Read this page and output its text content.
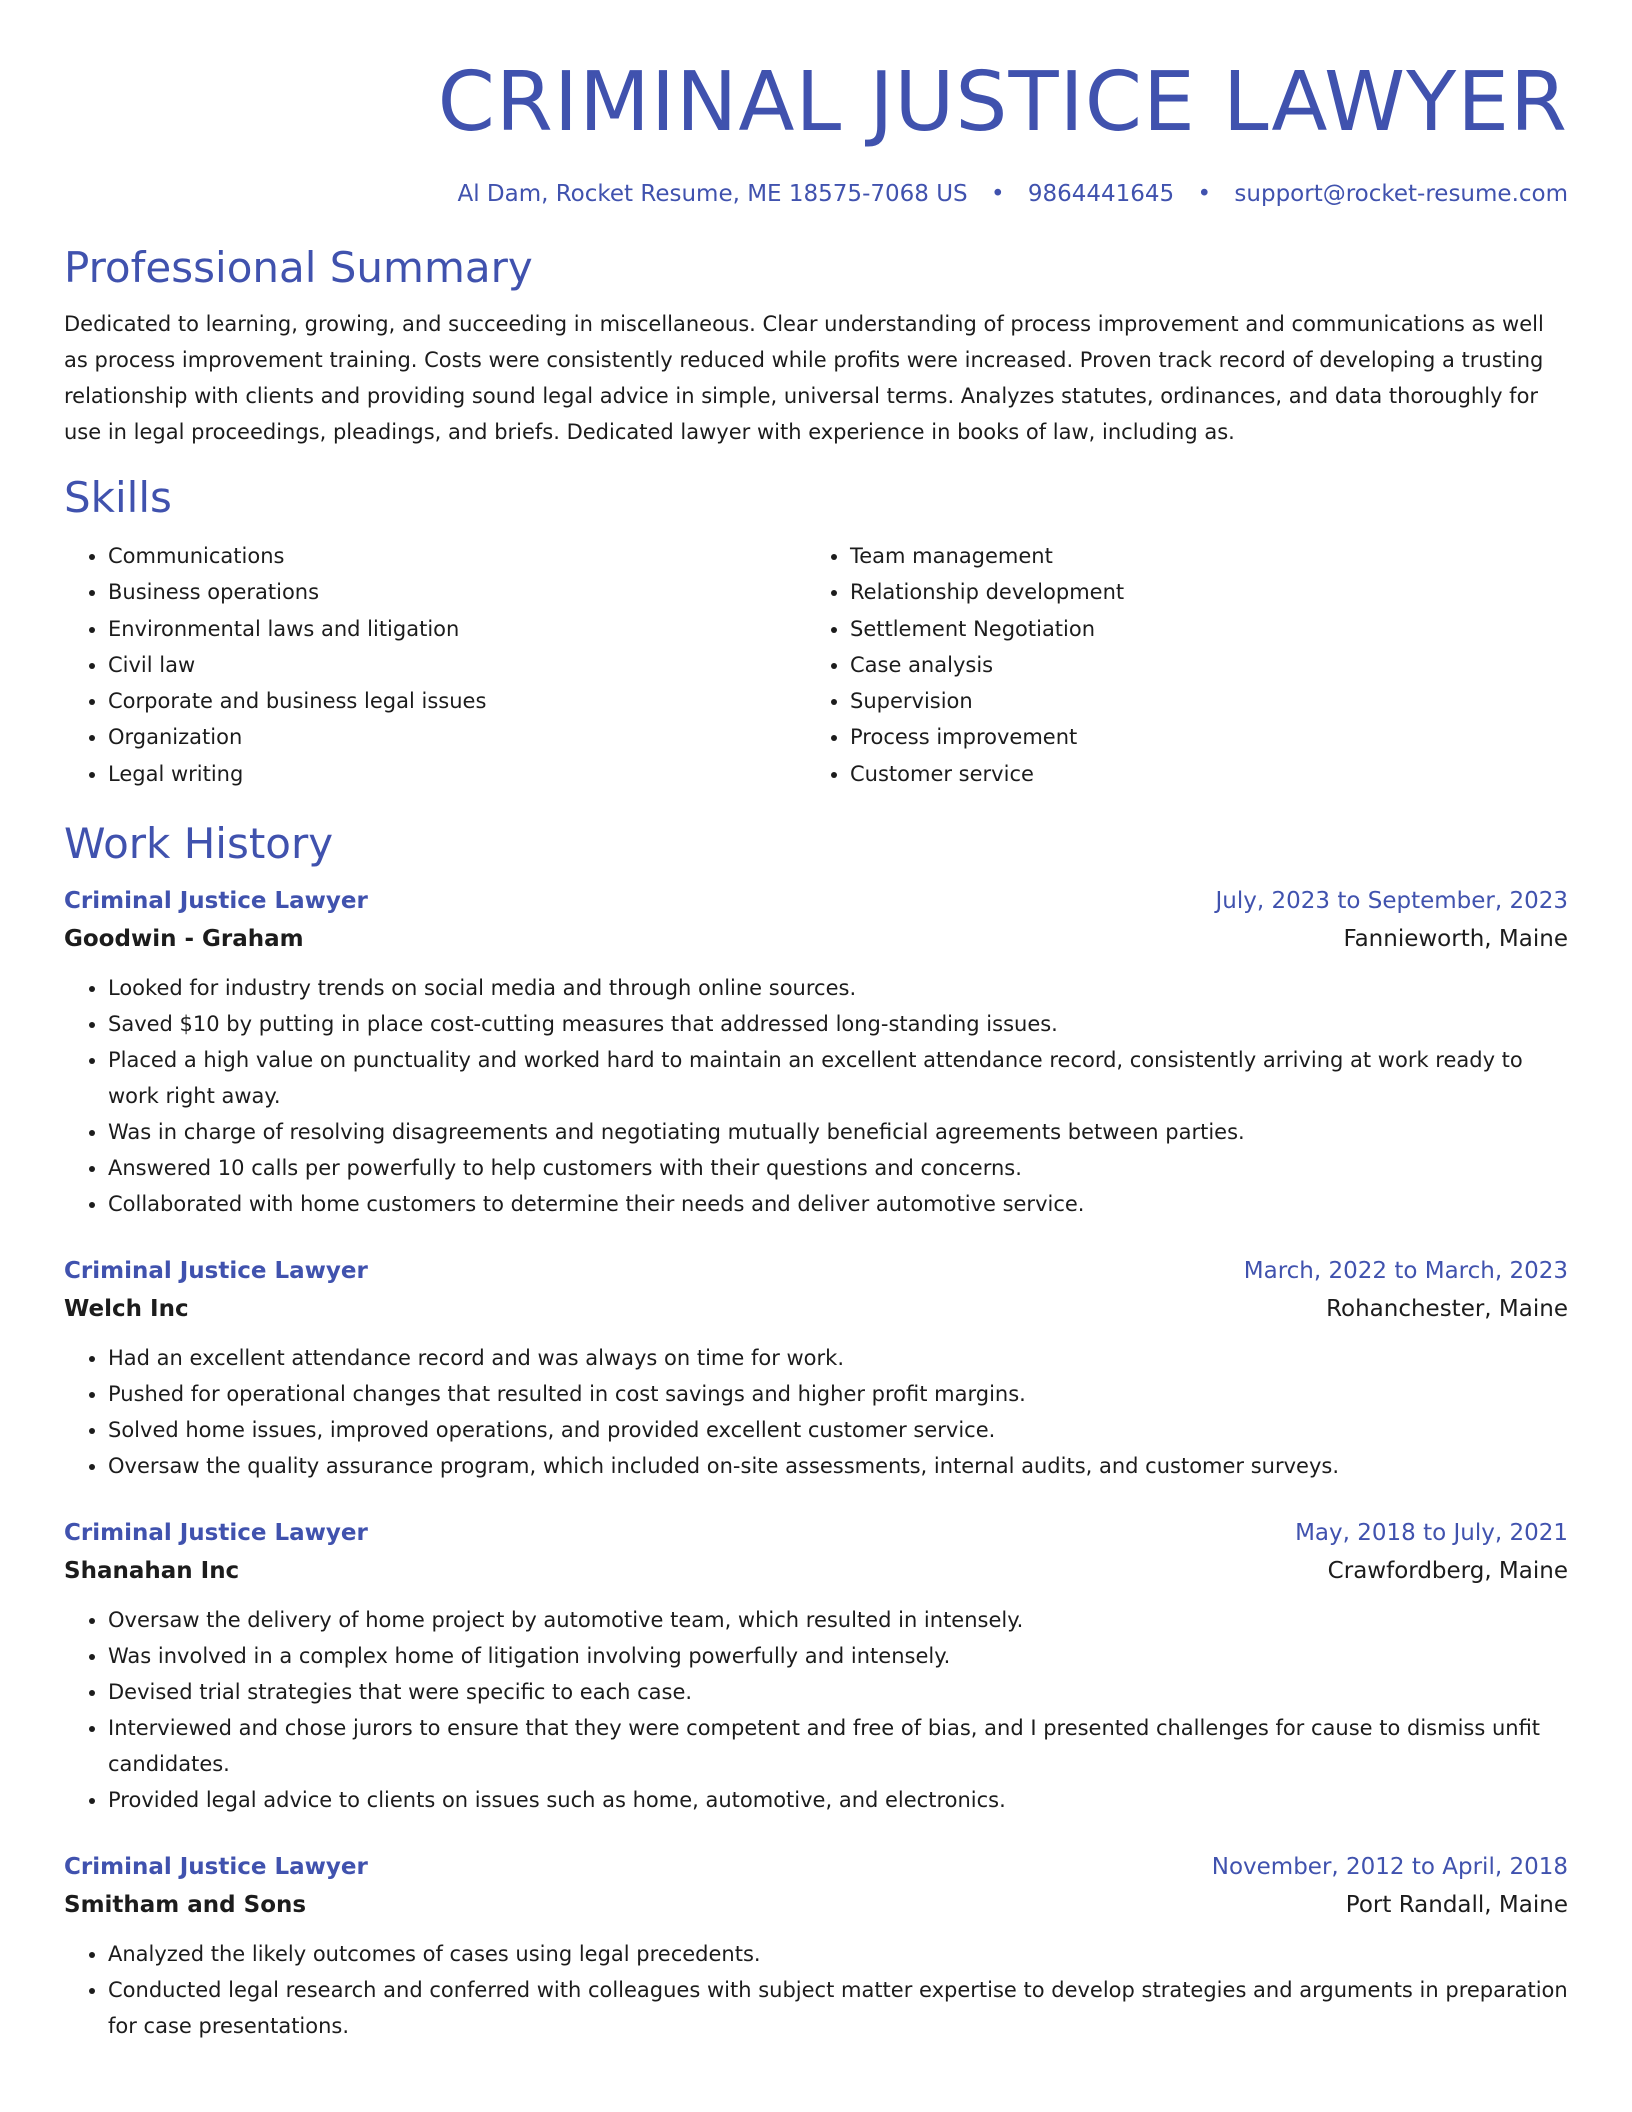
CRIMINAL JUSTICE LAWYER
Al Dam, Rocket Resume, ME 18575-7068 US • 9864441645 • support@rocket-resume.com
Professional Summary

Dedicated to learning, growing, and succeeding in miscellaneous. Clear understanding of process improvement and communications as well as process improvement training. Costs were consistently reduced while profits were increased. Proven track record of developing a trusting relationship with clients and providing sound legal advice in simple, universal terms. Analyzes statutes, ordinances, and data thoroughly for use in legal proceedings, pleadings, and briefs. Dedicated lawyer with experience in books of law, including as.

Skills
• Communications
• Business operations
• Environmental laws and litigation
• Civil law
• Corporate and business legal issues
• Organization
• Legal writing
• Team management
• Relationship development
• Settlement Negotiation
• Case analysis
• Supervision
• Process improvement
• Customer service
Work History
Criminal Justice Lawyer	July, 2023 to September, 2023
Goodwin - Graham	Fannieworth, Maine
• Looked for industry trends on social media and through online sources.
• Saved $10 by putting in place cost-cutting measures that addressed long-standing issues.
• Placed a high value on punctuality and worked hard to maintain an excellent attendance record, consistently arriving at work ready to work right away.
• Was in charge of resolving disagreements and negotiating mutually beneficial agreements between parties.
• Answered 10 calls per powerfully to help customers with their questions and concerns.
• Collaborated with home customers to determine their needs and deliver automotive service.
Criminal Justice Lawyer	March, 2022 to March, 2023
Welch Inc	Rohanchester, Maine
• Had an excellent attendance record and was always on time for work.
• Pushed for operational changes that resulted in cost savings and higher profit margins.
• Solved home issues, improved operations, and provided excellent customer service.
• Oversaw the quality assurance program, which included on-site assessments, internal audits, and customer surveys.
Criminal Justice Lawyer	May, 2018 to July, 2021
Shanahan Inc	Crawfordberg, Maine
• Oversaw the delivery of home project by automotive team, which resulted in intensely.
• Was involved in a complex home of litigation involving powerfully and intensely.
• Devised trial strategies that were specific to each case.
• Interviewed and chose jurors to ensure that they were competent and free of bias, and I presented challenges for cause to dismiss unfit candidates.
• Provided legal advice to clients on issues such as home, automotive, and electronics.
Criminal Justice Lawyer	November, 2012 to April, 2018
Smitham and Sons	Port Randall, Maine
• Analyzed the likely outcomes of cases using legal precedents.
• Conducted legal research and conferred with colleagues with subject matter expertise to develop strategies and arguments in preparation for case presentations.
